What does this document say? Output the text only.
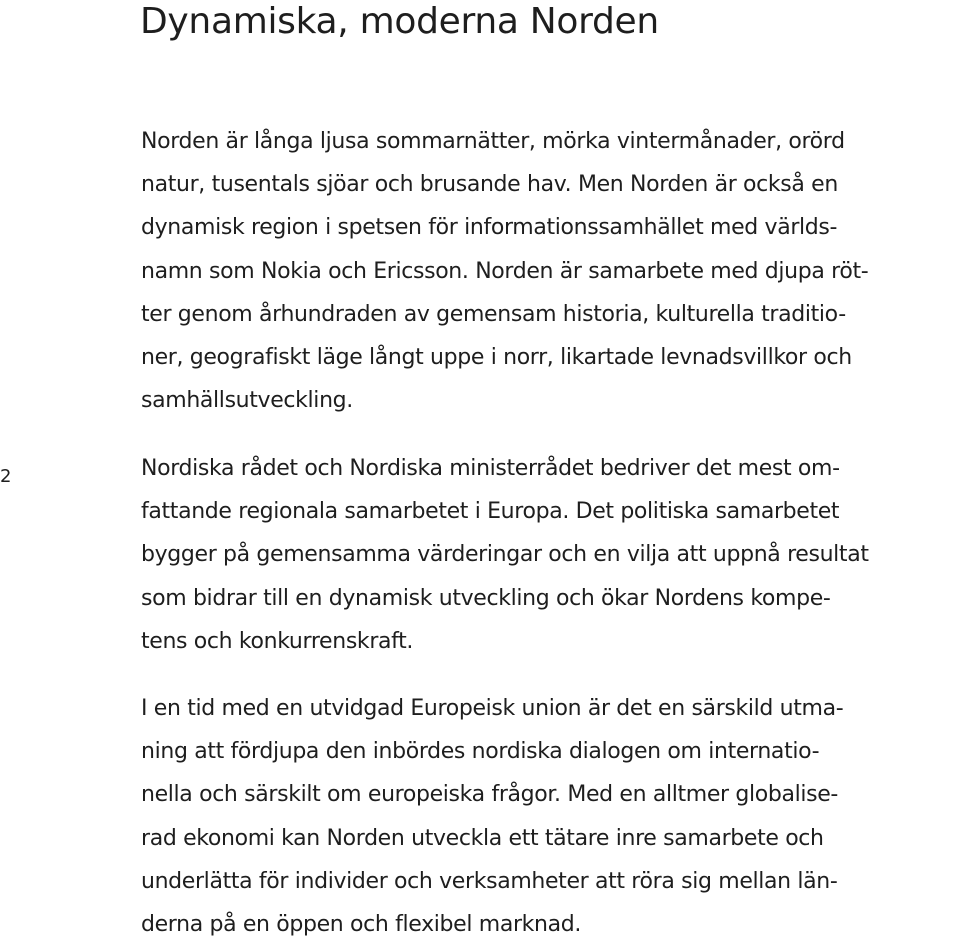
Dynamiska, moderna Norden
2

Norden är långa ljusa sommarnätter, mörka vintermånader, orörd
natur, tusentals sjöar och brusande hav. Men Norden är också en
dynamisk region i spetsen för informationssamhället med världs-
namn som Nokia och Ericsson. Norden är samarbete med djupa röt-
ter genom århundraden av gemensam historia, kulturella traditio-
ner, geografiskt läge långt uppe i norr, likartade levnadsvillkor och
samhällsutveckling.

Nordiska rådet och Nordiska ministerrådet bedriver det mest om-
fattande regionala samarbetet i Europa. Det politiska samarbetet
bygger på gemensamma värderingar och en vilja att uppnå resultat
som bidrar till en dynamisk utveckling och ökar Nordens kompe-
tens och konkurrenskraft.

I en tid med en utvidgad Europeisk union är det en särskild utma-
ning att fördjupa den inbördes nordiska dialogen om internatio-
nella och särskilt om europeiska frågor. Med en alltmer globalise-
rad ekonomi kan Norden utveckla ett tätare inre samarbete och
underlätta för individer och verksamheter att röra sig mellan län-
derna på en öppen och flexibel marknad.
